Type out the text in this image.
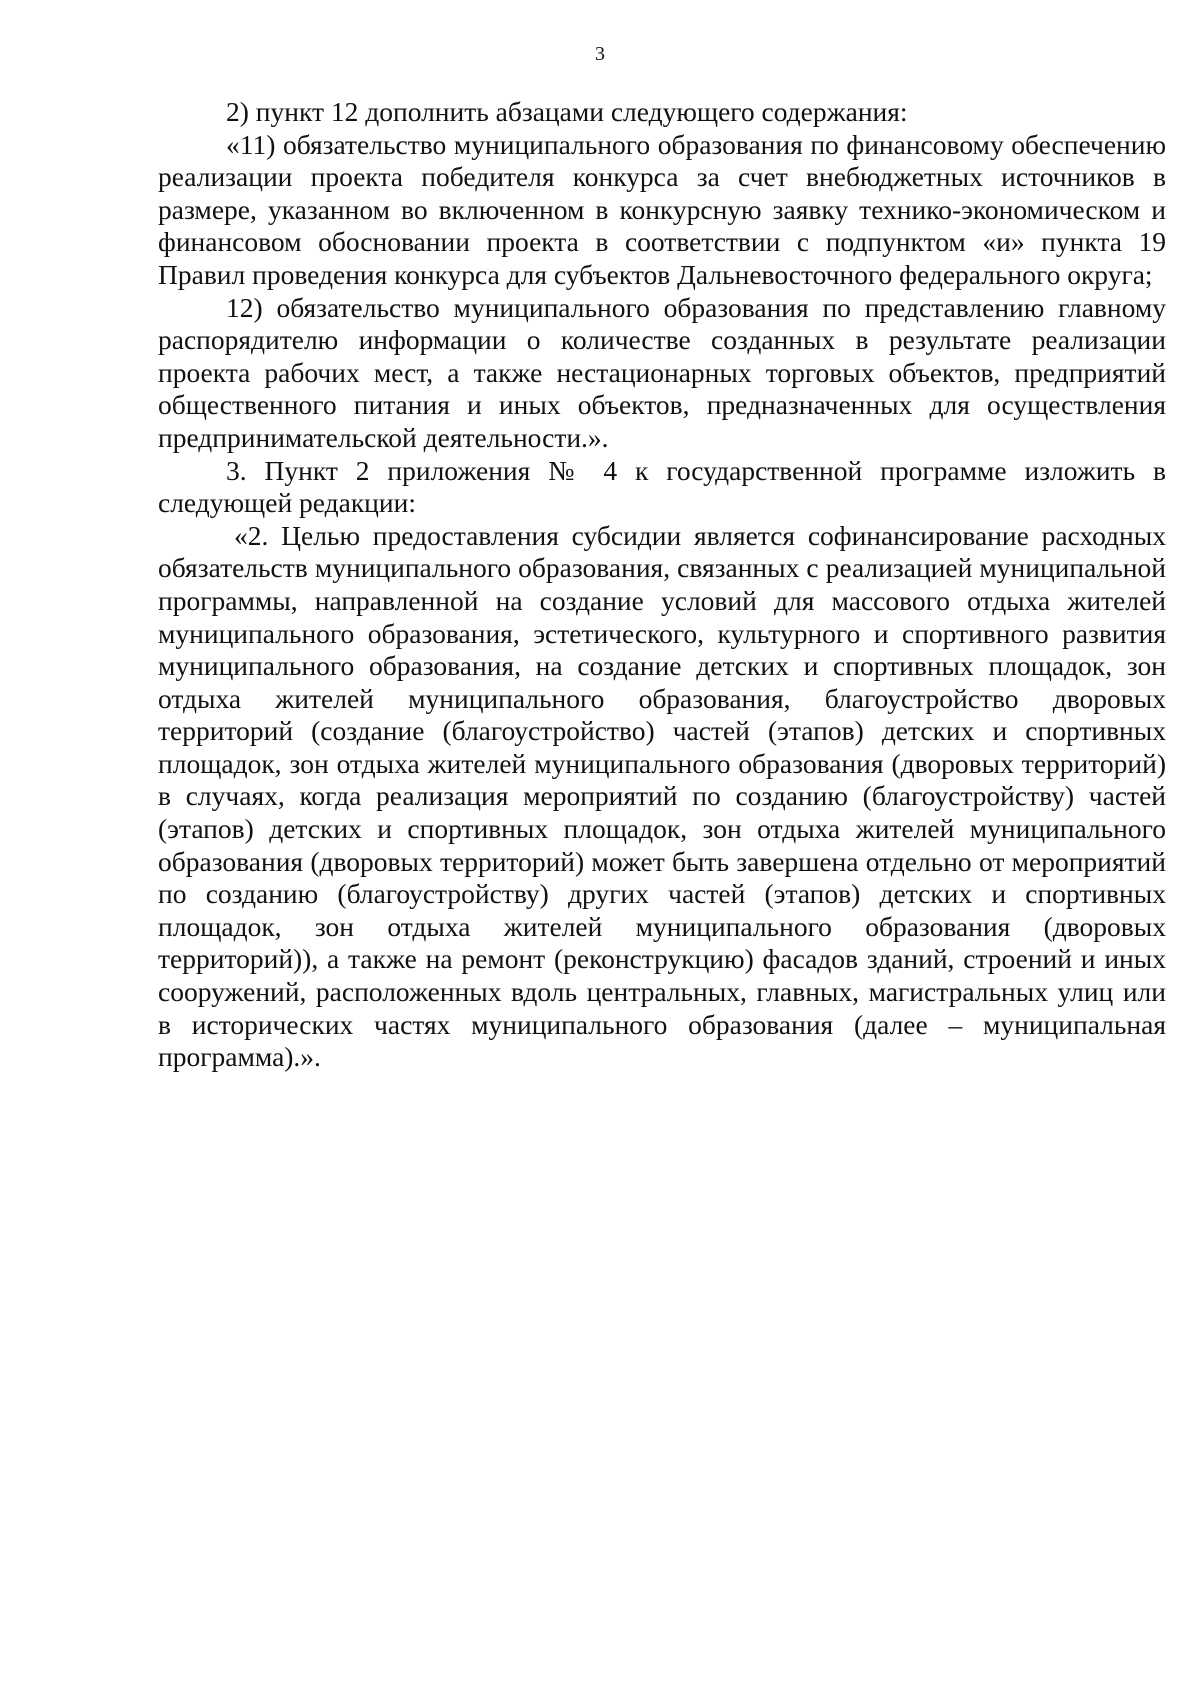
3

2) пункт 12 дополнить абзацами следующего содержания:

«11) обязательство муниципального образования по финансовому обеспечению реализации проекта победителя конкурса за счет внебюджетных источников в размере, указанном во включенном в конкурсную заявку технико-экономическом и финансовом обосновании проекта в соответствии с подпунктом «и» пункта 19 Правил проведения конкурса для субъектов Дальневосточного федерального округа;

12) обязательство муниципального образования по представлению главному распорядителю информации о количестве созданных в результате реализации проекта рабочих мест, а также нестационарных торговых объектов, предприятий общественного питания и иных объектов, предназначенных для осуществления предпринимательской деятельности.».

3. Пункт 2 приложения № 4 к государственной программе изложить в следующей редакции:

«2. Целью предоставления субсидии является софинансирование расходных обязательств муниципального образования, связанных с реализацией муниципальной программы, направленной на создание условий для массового отдыха жителей муниципального образования, эстетического, культурного и спортивного развития муниципального образования, на создание детских и спортивных площадок, зон отдыха жителей муниципального образования, благоустройство дворовых территорий (создание (благоустройство) частей (этапов) детских и спортивных площадок, зон отдыха жителей муниципального образования (дворовых территорий) в случаях, когда реализация мероприятий по созданию (благоустройству) частей (этапов) детских и спортивных площадок, зон отдыха жителей муниципального образования (дворовых территорий) может быть завершена отдельно от мероприятий по созданию (благоустройству) других частей (этапов) детских и спортивных площадок, зон отдыха жителей муниципального образования (дворовых территорий)), а также на ремонт (реконструкцию) фасадов зданий, строений и иных сооружений, расположенных вдоль центральных, главных, магистральных улиц или в исторических частях муниципального образования (далее – муниципальная программа).».
